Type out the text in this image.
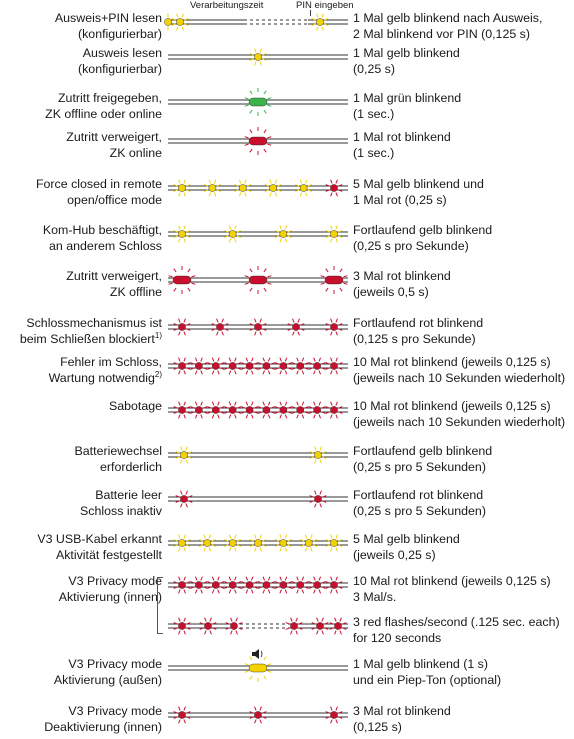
Verarbeitungszeit	PIN eingeben
Ausweis+PIN lesen
(konfigurierbar)
1 Mal gelb blinkend nach Ausweis,
2 Mal blinkend vor PIN (0,125 s)
Ausweis lesen
(konfigurierbar)
1 Mal gelb blinkend
(0,25 s)
Zutritt freigegeben,
ZK offline oder online
1 Mal grün blinkend
(1 sec.)
Zutritt verweigert,
ZK online
1 Mal rot blinkend
(1 sec.)
Force closed in remote
open/office mode
5 Mal gelb blinkend und
1 Mal rot (0,25 s)
Kom-Hub beschäftigt,
an anderem Schloss
Fortlaufend gelb blinkend
(0,25 s pro Sekunde)
Zutritt verweigert,
ZK offline
3 Mal rot blinkend
(jeweils 0,5 s)
Schlossmechanismus ist
beim Schließen blockiert$^{1)}$
Fortlaufend rot blinkend
(0,125 s pro Sekunde)
Fehler im Schloss,
Wartung notwendig$^{2)}$
10 Mal rot blinkend (jeweils 0,125 s)
(jeweils nach 10 Sekunden wiederholt)
Sabotage	10 Mal rot blinkend (jeweils 0,125 s)
(jeweils nach 10 Sekunden wiederholt)
Batteriewechsel
erforderlich
Fortlaufend gelb blinkend
(0,25 s pro 5 Sekunden)
Batterie leer
Schloss inaktiv
Fortlaufend rot blinkend
(0,25 s pro 5 Sekunden)
V3 USB-Kabel erkannt
Aktivität festgestellt
5 Mal gelb blinkend
(jeweils 0,25 s)
V3 Privacy mode
Aktivierung (innen)
10 Mal rot blinkend (jeweils 0,125 s)
3 Mal/s.
3 red flashes/second (.125 sec. each)
for 120 seconds
V3 Privacy mode
Aktivierung (außen)
1 Mal gelb blinkend (1 s)
und ein Piep-Ton (optional)
V3 Privacy mode
Deaktivierung (innen)
3 Mal rot blinkend
(0,125 s)
